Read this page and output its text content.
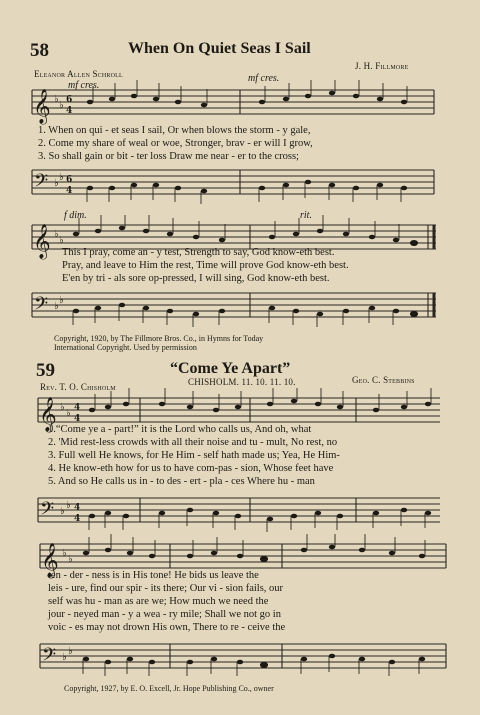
58	When On Quiet Seas I Sail
Eleanor Allen Schroll
J. H. Fillmore
mf cres.
mf cres.
𝄞 ♭
♭ 6
4
1. When on qui - et seas I sail, Or when blows the storm - y gale,
2. Come my share of weal or woe, Stronger, brav - er will I grow,
3. So shall gain or bit - ter loss Draw me near - er to the cross;
𝄢 ♭
♭ 6
4
f dim.	rit.
𝄞 ♭
♭
This I pray, come an - y test, Strength to say, God know-eth best.
Pray, and leave to Him the rest, Time will prove God know-eth best.
E'en by tri - als sore op-pressed, I will sing, God know-eth best.
𝄢 ♭
♭
Copyright, 1920, by The Fillmore Bros. Co., in Hymns for Today
International Copyright. Used by permission
59	“Come Ye Apart”
Rev. T. O. Chisholm	CHISHOLM. 11. 10. 11. 10.	Geo. C. Stebbins
𝄞 ♭
♭ 4
4
1.“Come ye a - part!” it is the Lord who calls us, And oh, what
2. 'Mid rest-less crowds with all their noise and tu - mult, No rest, no
3. Full well He knows, for He Him - self hath made us; Yea, He Him-
4. He know-eth how for us to have com-pas - sion, Whose feet have
5. And so He calls us in - to des - ert - pla - ces Where hu - man
𝄢 ♭
♭ 4
4
𝄞 ♭
♭
ten - der - ness is in His tone! He bids us leave the
leis - ure, find our spir - its there; Our vi - sion fails, our
self was hu - man as are we; How much we need the
jour - neyed man - y a wea - ry mile; Shall we not go in
voic - es may not drown His own, There to re - ceive the
𝄢 ♭
♭
Copyright, 1927, by E. O. Excell, Jr. Hope Publishing Co., owner
